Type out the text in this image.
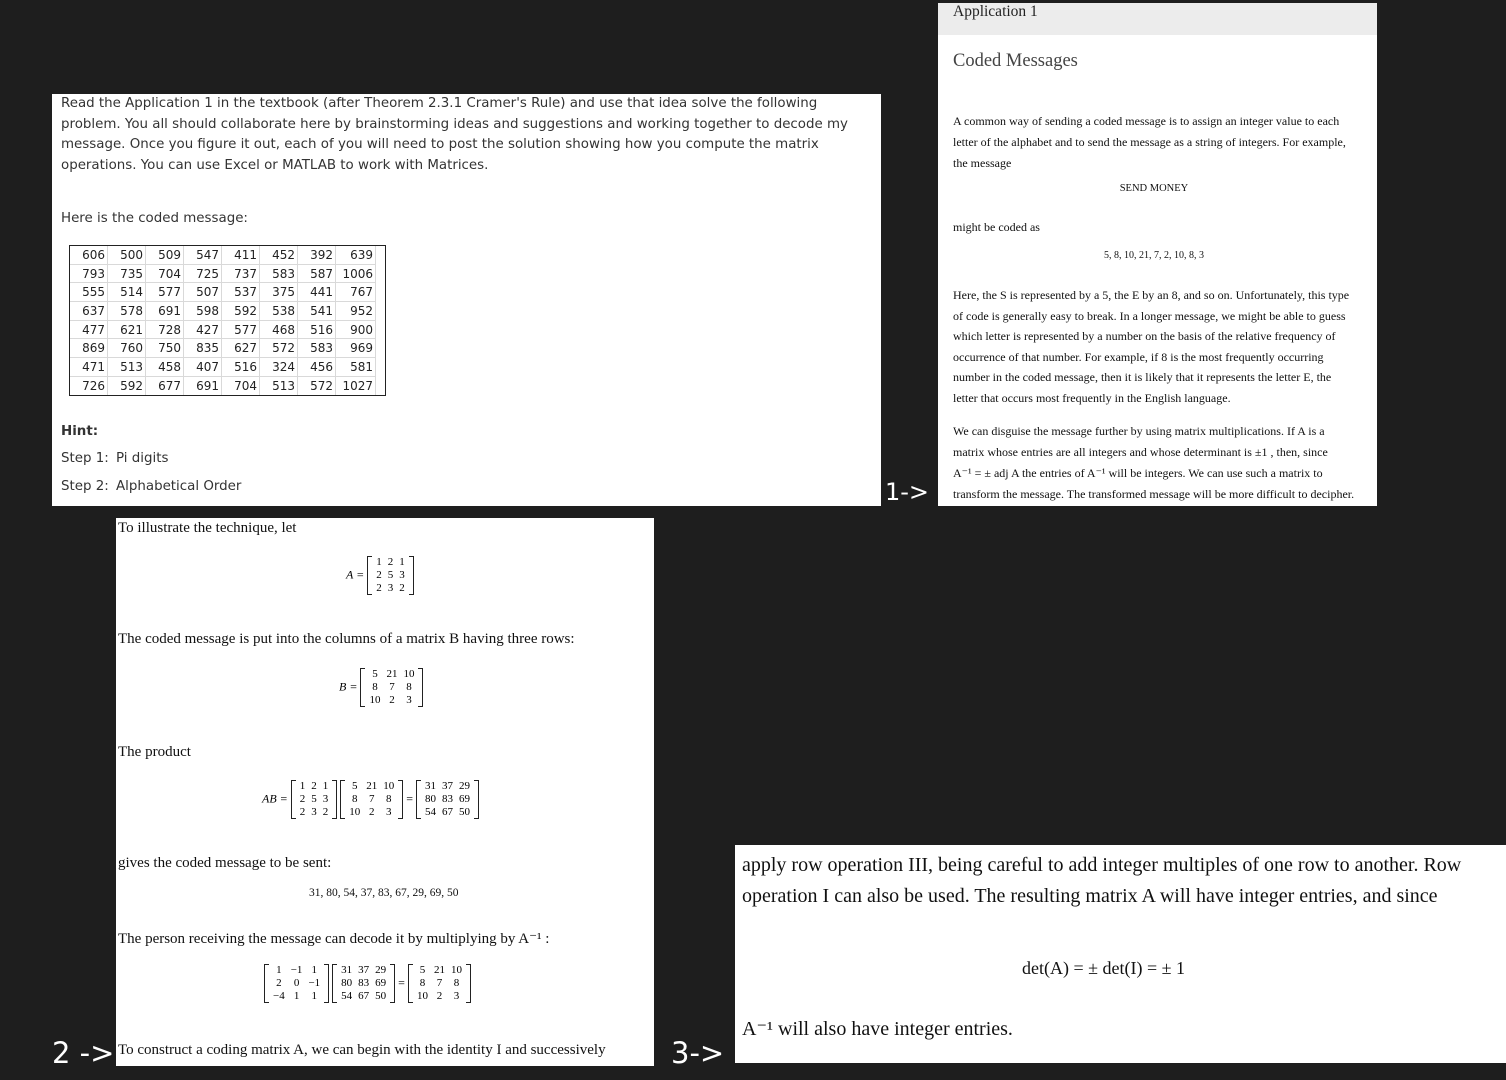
Read the Application 1 in the textbook (after Theorem 2.3.1 Cramer's Rule) and use that idea solve the following problem. You all should collaborate here by brainstorming ideas and suggestions and working together to decode my message. Once you figure it out, each of you will need to post the solution showing how you compute the matrix operations. You can use Excel or MATLAB to work with Matrices.
Here is the coded message:
606	500	509	547	411	452	392	639
793	735	704	725	737	583	587	1006
555	514	577	507	537	375	441	767
637	578	691	598	592	538	541	952
477	621	728	427	577	468	516	900
869	760	750	835	627	572	583	969
471	513	458	407	516	324	456	581
726	592	677	691	704	513	572	1027
Hint:
Step 1: Pi digits
Step 2: Alphabetical Order
Application 1
Coded Messages
A common way of sending a coded message is to assign an integer value to each letter of the alphabet and to send the message as a string of integers. For example, the message
SEND MONEY
might be coded as
5, 8, 10, 21, 7, 2, 10, 8, 3
Here, the S is represented by a 5, the E by an 8, and so on. Unfortunately, this type of code is generally easy to break. In a longer message, we might be able to guess which letter is represented by a number on the basis of the relative frequency of occurrence of that number. For example, if 8 is the most frequently occurring number in the coded message, then it is likely that it represents the letter E, the letter that occurs most frequently in the English language.
We can disguise the message further by using matrix multiplications. If A is a matrix whose entries are all integers and whose determinant is ±1 , then, since
A⁻¹ = ± adj A the entries of A⁻¹ will be integers. We can use such a matrix to transform the message. The transformed message will be more difficult to decipher.
To illustrate the technique, let
A =
1	2	1
2	5	3
2	3	2
The coded message is put into the columns of a matrix B having three rows:
B =
5	21	10
8	7	8
10	2	3
The product
AB =
1	2	1
2	5	3
2	3	2

5	21	10
8	7	8
10	2	3
=
31	37	29
80	83	69
54	67	50
gives the coded message to be sent:
31, 80, 54, 37, 83, 67, 29, 69, 50
The person receiving the message can decode it by multiplying by A⁻¹ :
1	−1	1
2	0	−1
−4	1	1

31	37	29
80	83	69
54	67	50
=
5	21	10
8	7	8
10	2	3
To construct a coding matrix A, we can begin with the identity I and successively
apply row operation III, being careful to add integer multiples of one row to another. Row operation I can also be used. The resulting matrix A will have integer entries, and since
det(A) = ± det(I) = ± 1
A⁻¹ will also have integer entries.
1->
2 ->	3->
